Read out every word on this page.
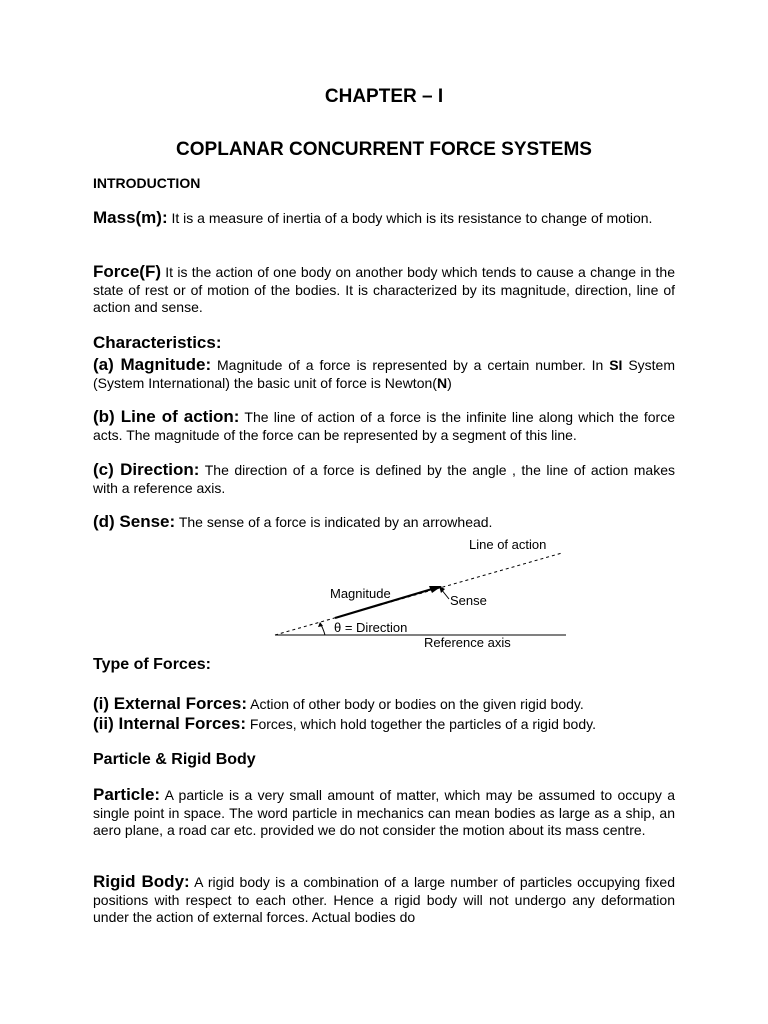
CHAPTER – I
COPLANAR CONCURRENT FORCE SYSTEMS

INTRODUCTION

Mass(m): It is a measure of inertia of a body which is its resistance to change of motion.

Force(F) It is the action of one body on another body which tends to cause a change in the state of rest or of motion of the bodies. It is characterized by its magnitude, direction, line of action and sense.

Characteristics:

(a) Magnitude: Magnitude of a force is represented by a certain number. In SI System (System International) the basic unit of force is Newton(N)

(b) Line of action: The line of action of a force is the infinite line along which the force acts. The magnitude of the force can be represented by a segment of this line.

(c) Direction: The direction of a force is defined by the angle , the line of action makes with a reference axis.

(d) Sense: The sense of a force is indicated by an arrowhead.

Line of action
Magnitude	Sense
θ = Direction
Reference axis

Type of Forces:

(i) External Forces: Action of other body or bodies on the given rigid body.

(ii) Internal Forces: Forces, which hold together the particles of a rigid body.

Particle & Rigid Body

Particle: A particle is a very small amount of matter, which may be assumed to occupy a single point in space. The word particle in mechanics can mean bodies as large as a ship, an aero plane, a road car etc. provided we do not consider the motion about its mass centre.

Rigid Body: A rigid body is a combination of a large number of particles occupying fixed positions with respect to each other. Hence a rigid body will not undergo any deformation under the action of external forces. Actual bodies do
